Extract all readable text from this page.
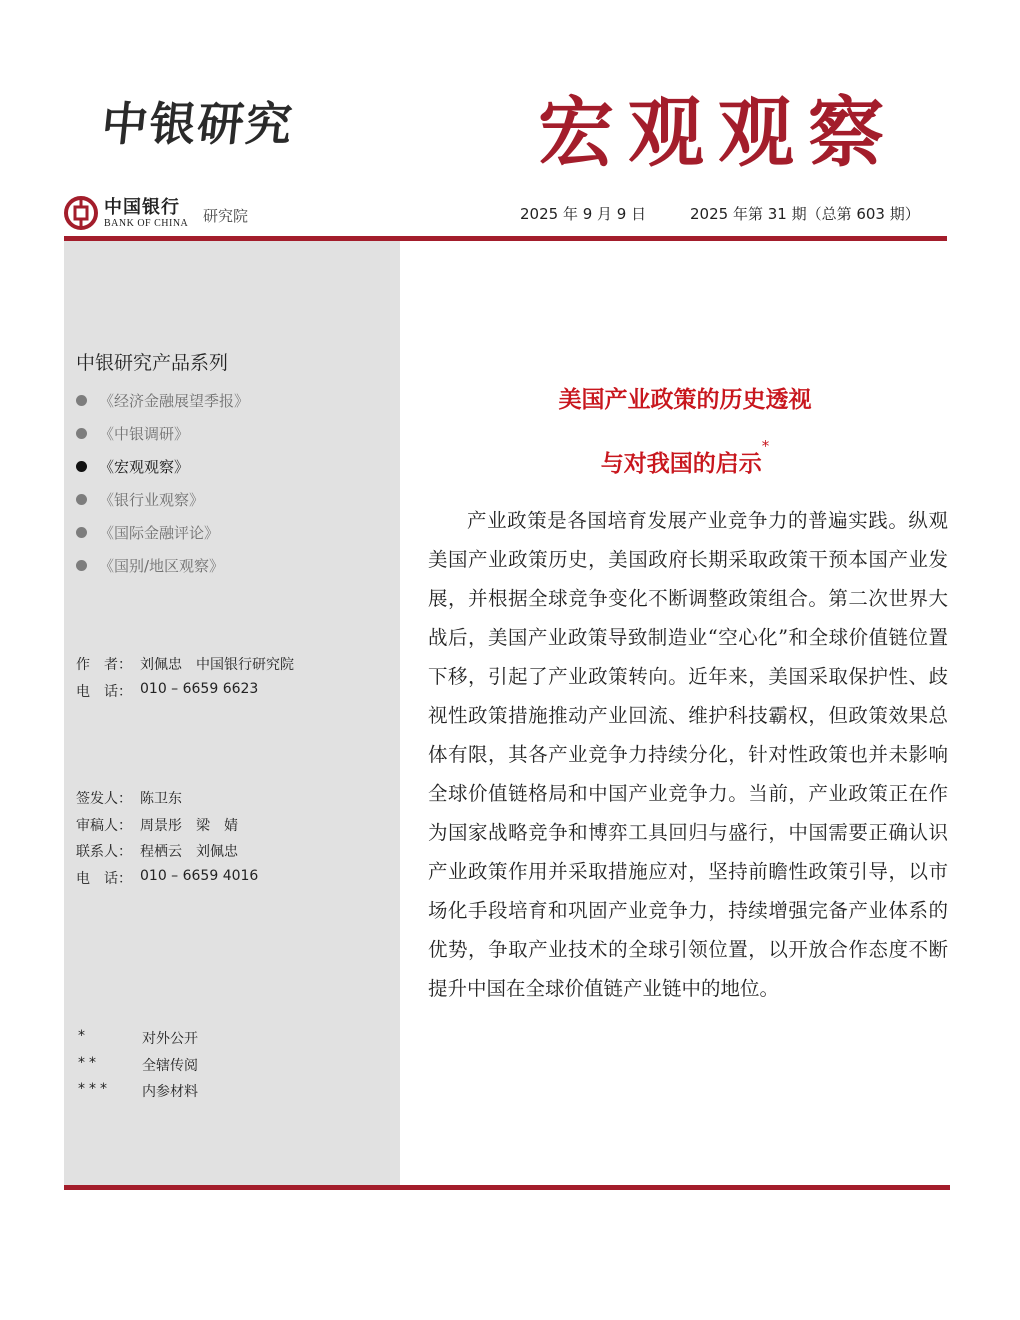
中银研究	宏观观察
中国银行
BANK OF CHINA 研究院	2025 年 9 月 9 日	2025 年第 31 期（总第 603 期）
中银研究产品系列
《经济金融展望季报》
《中银调研》
《宏观观察》
《银行业观察》
《国际金融评论》
《国别/地区观察》
作　者： 刘佩忠　中国银行研究院
电　话： 010 – 6659 6623
签发人： 陈卫东
审稿人： 周景彤　梁　婧
联系人： 程栖云　刘佩忠
电　话： 010 – 6659 4016
*	对外公开
**	全辖传阅
***	内参材料
美国产业政策的历史透视
与对我国的启示*

产业政策是各国培育发展产业竞争力的普遍实践。纵观美国产业政策历史，美国政府长期采取政策干预本国产业发展，并根据全球竞争变化不断调整政策组合。第二次世界大战后，美国产业政策导致制造业“空心化”和全球价值链位置下移，引起了产业政策转向。近年来，美国采取保护性、歧视性政策措施推动产业回流、维护科技霸权，但政策效果总体有限，其各产业竞争力持续分化，针对性政策也并未影响全球价值链格局和中国产业竞争力。当前，产业政策正在作为国家战略竞争和博弈工具回归与盛行，中国需要正确认识产业政策作用并采取措施应对，坚持前瞻性政策引导，以市场化手段培育和巩固产业竞争力，持续增强完备产业体系的优势，争取产业技术的全球引领位置，以开放合作态度不断提升中国在全球价值链产业链中的地位。
